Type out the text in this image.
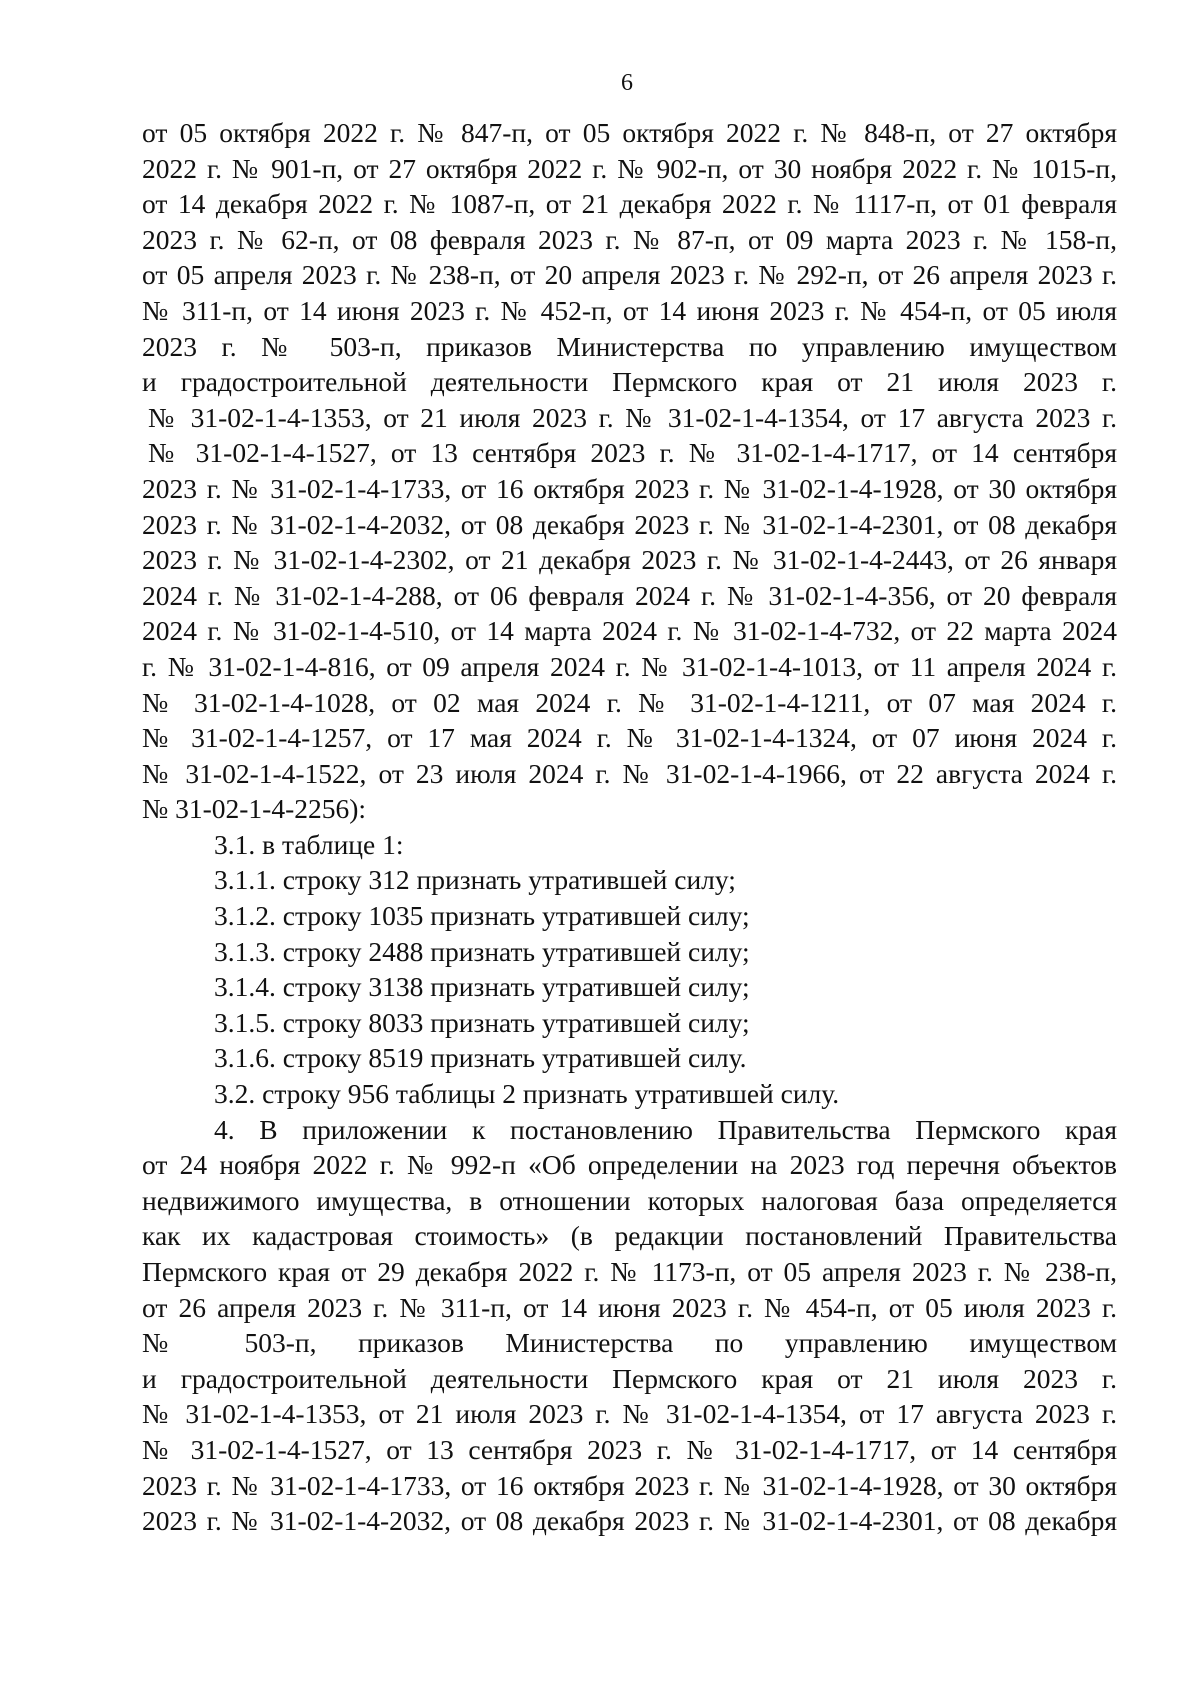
6
от 05 октября 2022 г. № 847-п, от 05 октября 2022 г. № 848-п, от 27 октября
2022 г. № 901-п, от 27 октября 2022 г. № 902-п, от 30 ноября 2022 г. № 1015-п,
от 14 декабря 2022 г. № 1087-п, от 21 декабря 2022 г. № 1117-п, от 01 февраля
2023 г. № 62-п, от 08 февраля 2023 г. № 87-п, от 09 марта 2023 г. № 158-п,
от 05 апреля 2023 г. № 238-п, от 20 апреля 2023 г. № 292-п, от 26 апреля 2023 г.
№ 311-п, от 14 июня 2023 г. № 452-п, от 14 июня 2023 г. № 454-п, от 05 июля
2023 г. № 503-п, приказов Министерства по управлению имуществом
и градостроительной деятельности Пермского края от 21 июля 2023 г.
№ 31-02-1-4-1353, от 21 июля 2023 г. № 31-02-1-4-1354, от 17 августа 2023 г.
№ 31-02-1-4-1527, от 13 сентября 2023 г. № 31-02-1-4-1717, от 14 сентября
2023 г. № 31-02-1-4-1733, от 16 октября 2023 г. № 31-02-1-4-1928, от 30 октября
2023 г. № 31-02-1-4-2032, от 08 декабря 2023 г. № 31-02-1-4-2301, от 08 декабря
2023 г. № 31-02-1-4-2302, от 21 декабря 2023 г. № 31-02-1-4-2443, от 26 января
2024 г. № 31-02-1-4-288, от 06 февраля 2024 г. № 31-02-1-4-356, от 20 февраля
2024 г. № 31-02-1-4-510, от 14 марта 2024 г. № 31-02-1-4-732, от 22 марта 2024
г. № 31-02-1-4-816, от 09 апреля 2024 г. № 31-02-1-4-1013, от 11 апреля 2024 г.
№ 31-02-1-4-1028, от 02 мая 2024 г. № 31-02-1-4-1211, от 07 мая 2024 г.
№ 31-02-1-4-1257, от 17 мая 2024 г. № 31-02-1-4-1324, от 07 июня 2024 г.
№ 31-02-1-4-1522, от 23 июля 2024 г. № 31-02-1-4-1966, от 22 августа 2024 г.
№ 31-02-1-4-2256):
3.1. в таблице 1:
3.1.1. строку 312 признать утратившей силу;
3.1.2. строку 1035 признать утратившей силу;
3.1.3. строку 2488 признать утратившей силу;
3.1.4. строку 3138 признать утратившей силу;
3.1.5. строку 8033 признать утратившей силу;
3.1.6. строку 8519 признать утратившей силу.
3.2. строку 956 таблицы 2 признать утратившей силу.
4. В приложении к постановлению Правительства Пермского края
от 24 ноября 2022 г. № 992-п «Об определении на 2023 год перечня объектов
недвижимого имущества, в отношении которых налоговая база определяется
как их кадастровая стоимость» (в редакции постановлений Правительства
Пермского края от 29 декабря 2022 г. № 1173-п, от 05 апреля 2023 г. № 238-п,
от 26 апреля 2023 г. № 311-п, от 14 июня 2023 г. № 454-п, от 05 июля 2023 г.
№ 503-п, приказов Министерства по управлению имуществом
и градостроительной деятельности Пермского края от 21 июля 2023 г.
№ 31-02-1-4-1353, от 21 июля 2023 г. № 31-02-1-4-1354, от 17 августа 2023 г.
№ 31-02-1-4-1527, от 13 сентября 2023 г. № 31-02-1-4-1717, от 14 сентября
2023 г. № 31-02-1-4-1733, от 16 октября 2023 г. № 31-02-1-4-1928, от 30 октября
2023 г. № 31-02-1-4-2032, от 08 декабря 2023 г. № 31-02-1-4-2301, от 08 декабря
